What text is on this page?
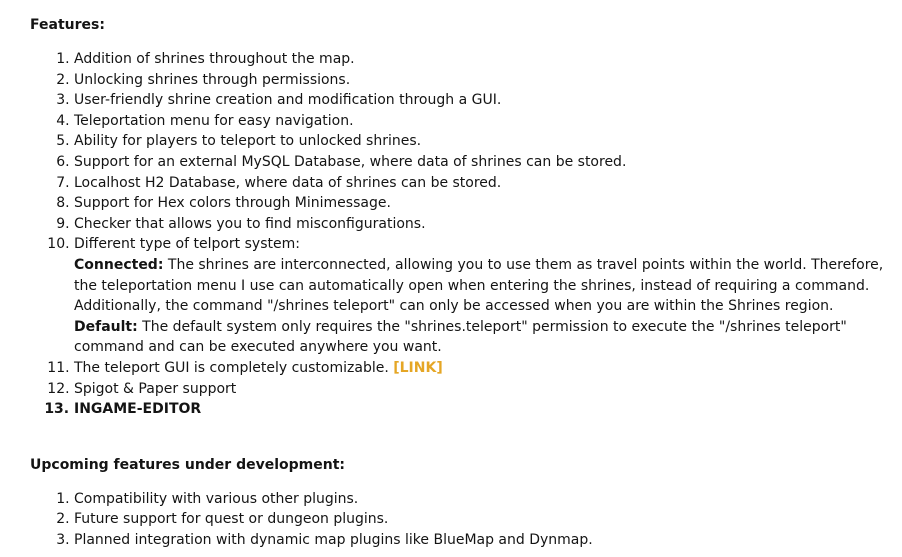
Features:

1. Addition of shrines throughout the map.
2. Unlocking shrines through permissions.
3. User-friendly shrine creation and modification through a GUI.
4. Teleportation menu for easy navigation.
5. Ability for players to teleport to unlocked shrines.
6. Support for an external MySQL Database, where data of shrines can be stored.
7. Localhost H2 Database, where data of shrines can be stored.
8. Support for Hex colors through Minimessage.
9. Checker that allows you to find misconfigurations.
10. Different type of telport system:
Connected: The shrines are interconnected, allowing you to use them as travel points within the world. Therefore, the teleportation menu I use can automatically open when entering the shrines, instead of requiring a command. Additionally, the command "/shrines teleport" can only be accessed when you are within the Shrines region.
Default: The default system only requires the "shrines.teleport" permission to execute the "/shrines teleport" command and can be executed anywhere you want.
11. The teleport GUI is completely customizable. [LINK]
12. Spigot & Paper support
13. INGAME-EDITOR

Upcoming features under development:

1. Compatibility with various other plugins.
2. Future support for quest or dungeon plugins.
3. Planned integration with dynamic map plugins like BlueMap and Dynmap.
